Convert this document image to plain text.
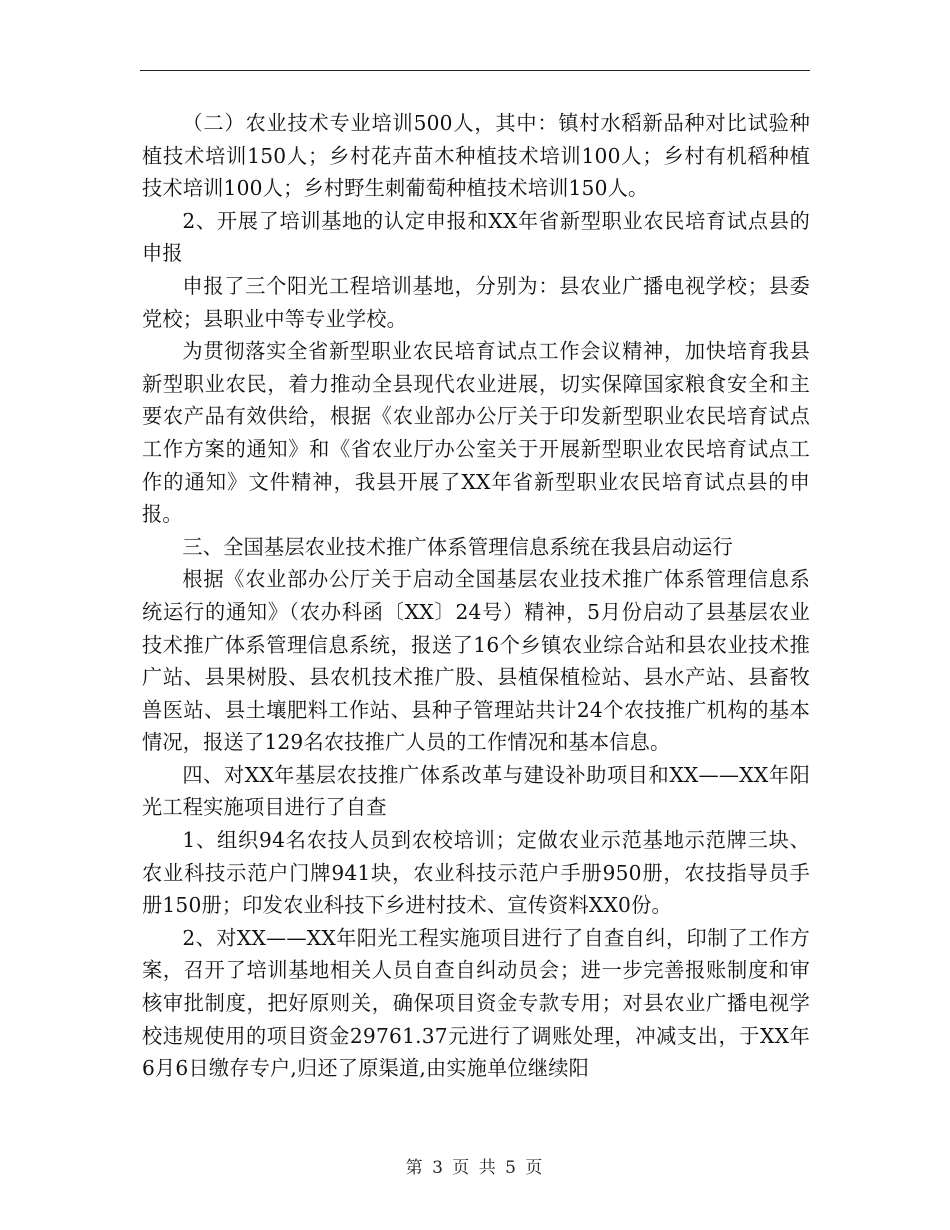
（二）农业技术专业培训500人，其中：镇村水稻新品种对比试验种植技术培训150人；乡村花卉苗木种植技术培训100人；乡村有机稻种植技术培训100人；乡村野生刺葡萄种植技术培训150人。

2、开展了培训基地的认定申报和XX年省新型职业农民培育试点县的申报

申报了三个阳光工程培训基地，分别为：县农业广播电视学校；县委党校；县职业中等专业学校。

为贯彻落实全省新型职业农民培育试点工作会议精神，加快培育我县新型职业农民，着力推动全县现代农业进展，切实保障国家粮食安全和主要农产品有效供给，根据《农业部办公厅关于印发新型职业农民培育试点工作方案的通知》和《省农业厅办公室关于开展新型职业农民培育试点工作的通知》文件精神，我县开展了XX年省新型职业农民培育试点县的申报。

三、全国基层农业技术推广体系管理信息系统在我县启动运行

根据《农业部办公厅关于启动全国基层农业技术推广体系管理信息系统运行的通知》（农办科函〔XX〕24号）精神，5月份启动了县基层农业技术推广体系管理信息系统，报送了16个乡镇农业综合站和县农业技术推广站、县果树股、县农机技术推广股、县植保植检站、县水产站、县畜牧兽医站、县土壤肥料工作站、县种子管理站共计24个农技推广机构的基本情况，报送了129名农技推广人员的工作情况和基本信息。

四、对XX年基层农技推广体系改革与建设补助项目和XX——XX年阳光工程实施项目进行了自查

1、组织94名农技人员到农校培训；定做农业示范基地示范牌三块、农业科技示范户门牌941块，农业科技示范户手册950册，农技指导员手册150册；印发农业科技下乡进村技术、宣传资料XX0份。

2、对XX——XX年阳光工程实施项目进行了自查自纠，印制了工作方案，召开了培训基地相关人员自查自纠动员会；进一步完善报账制度和审核审批制度，把好原则关，确保项目资金专款专用；对县农业广播电视学校违规使用的项目资金29761.37元进行了调账处理，冲减支出，于XX年6月6日缴存专户,归还了原渠道,由实施单位继续阳

第 3 页 共 5 页
